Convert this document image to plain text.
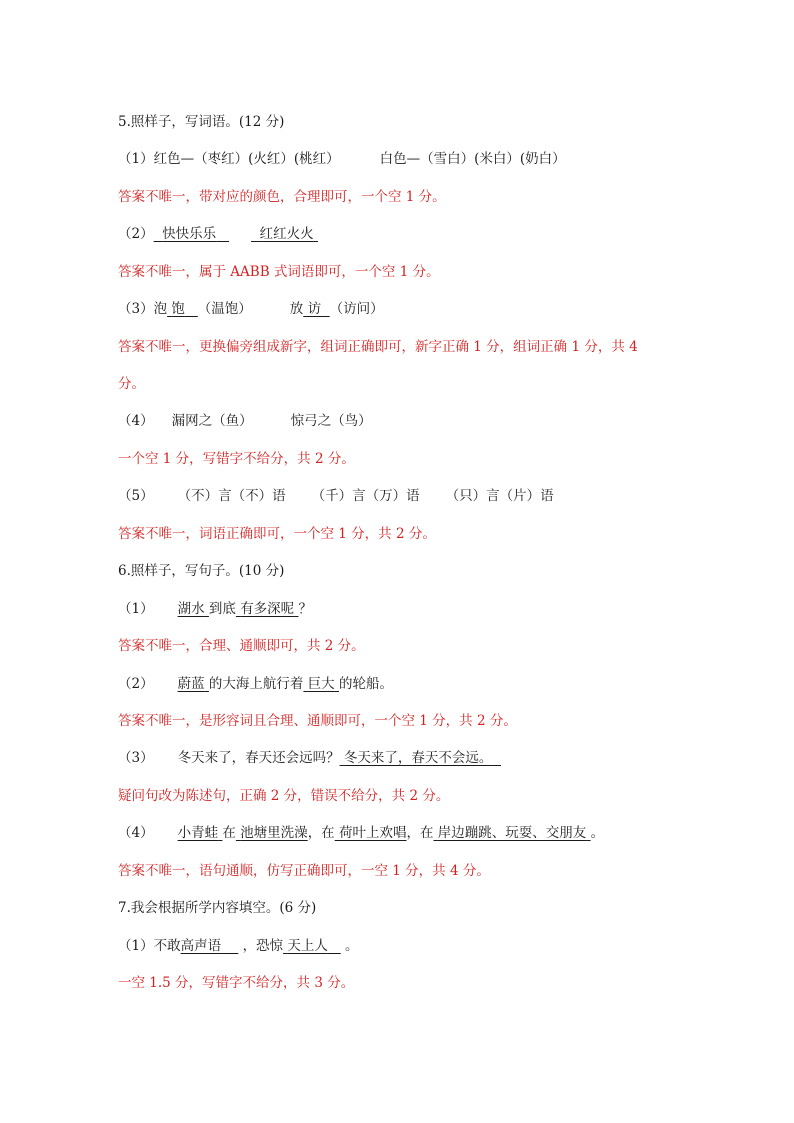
5.照样子，写词语。(12 分)
（1）红色—（枣红）(火红）(桃红）	白色—（雪白）(米白）(奶白）
答案不唯一，带对应的颜色，合理即可，一个空 1 分。
（2） 快快乐乐	红红火火
答案不唯一，属于 AABB 式词语即可，一个空 1 分。
（3）泡 饱 （温饱）	放 访 （访问）
答案不唯一，更换偏旁组成新字，组词正确即可，新字正确 1 分，组词正确 1 分，共 4
分。
（4） 漏网之（鱼）	惊弓之（鸟）
一个空 1 分，写错字不给分，共 2 分。
（5） （不）言（不）语 （千）言（万）语 （只）言（片）语
答案不唯一，词语正确即可，一个空 1 分，共 2 分。
6.照样子，写句子。(10 分)
（1） 湖水 到底 有多深呢 ？
答案不唯一，合理、通顺即可，共 2 分。
（2） 蔚蓝 的大海上航行着 巨大 的轮船。
答案不唯一，是形容词且合理、通顺即可，一个空 1 分，共 2 分。
（3） 冬天来了，春天还会远吗？ 冬天来了，春天不会远。
疑问句改为陈述句，正确 2 分，错误不给分，共 2 分。
（4） 小青蛙 在 池塘里洗澡，在 荷叶上欢唱，在 岸边蹦跳、玩耍、交朋友 。
答案不唯一，语句通顺，仿写正确即可，一空 1 分，共 4 分。
7.我会根据所学内容填空。(6 分)
（1）不敢高声语 ，恐惊 天上人 。
一空 1.5 分，写错字不给分，共 3 分。
